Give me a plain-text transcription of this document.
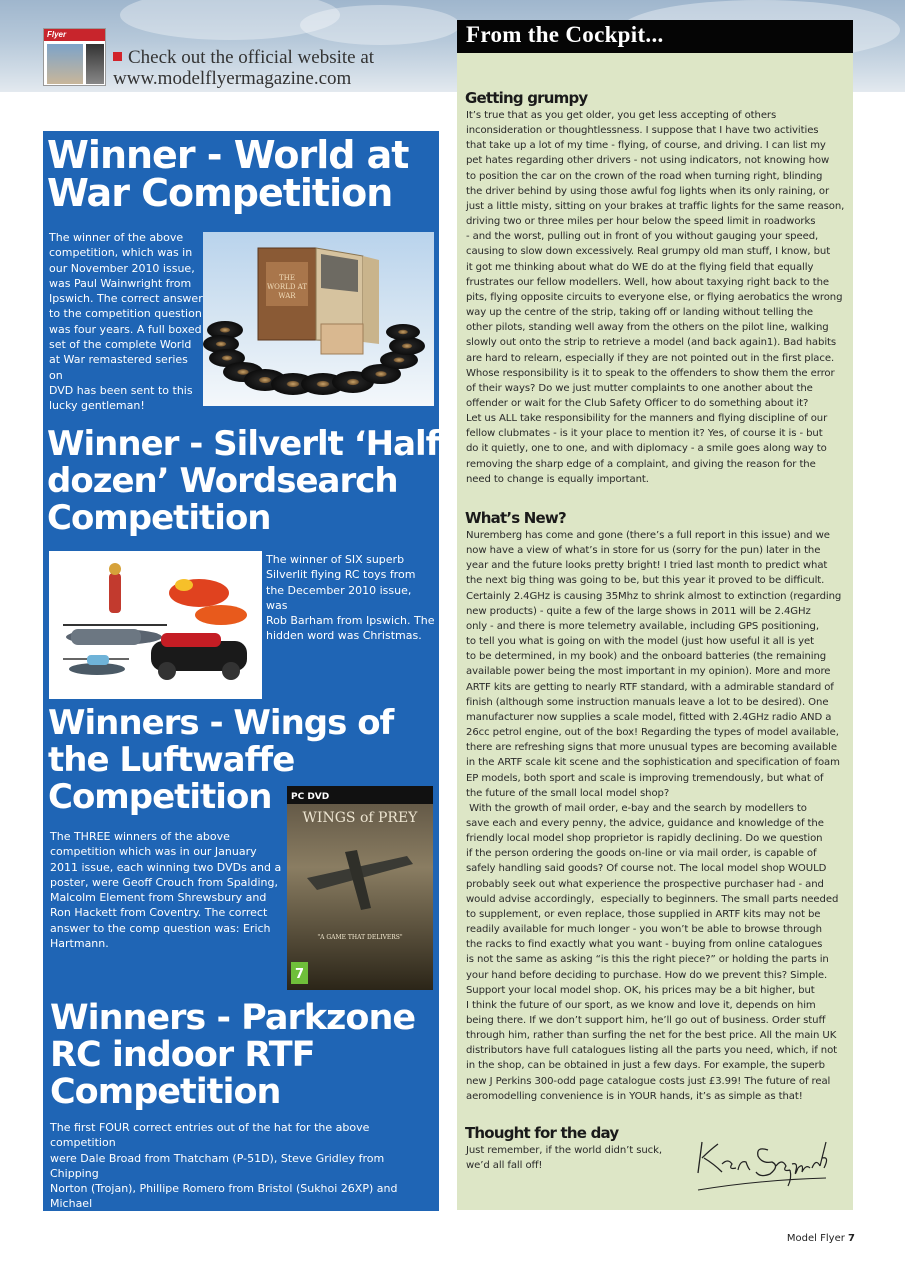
Flyer
Check out the official website at
www.modelflyermagazine.com
Winner - World at
War Competition
The winner of the above
competition, which was in
our November 2010 issue,
was Paul Wainwright from
Ipswich. The correct answer
to the competition question
was four years. A full boxed
set of the complete World
at War remastered series on
DVD has been sent to this
lucky gentleman!
THE
WORLD AT
WAR
Winner - Silverlt ‘Half
dozen’ Wordsearch
Competition
The winner of SIX superb
Silverlit flying RC toys from
the December 2010 issue, was
Rob Barham from Ipswich. The
hidden word was Christmas.
Winners - Wings of
the Luftwaffe
Competition
The THREE winners of the above
competition which was in our January
2011 issue, each winning two DVDs and a
poster, were Geoff Crouch from Spalding,
Malcolm Element from Shrewsbury and
Ron Hackett from Coventry. The correct
answer to the comp question was: Erich
Hartmann.
PC DVD
WINGS of PREY
"A GAME THAT DELIVERS"
7
Winners - Parkzone
RC indoor RTF
Competition
The first FOUR correct entries out of the hat for the above competition
were Dale Broad from Thatcham (P-51D), Steve Gridley from Chipping
Norton (Trojan), Phillipe Romero from Bristol (Sukhoi 26XP) and Michael
Hudlass from Chichester (Beast). The correct answer to the competition
question was 372mm.
From the Cockpit...
Getting grumpy
It’s true that as you get older, you get less accepting of others
inconsideration or thoughtlessness. I suppose that I have two activities
that take up a lot of my time - flying, of course, and driving. I can list my
pet hates regarding other drivers - not using indicators, not knowing how
to position the car on the crown of the road when turning right, blinding
the driver behind by using those awful fog lights when its only raining, or
just a little misty, sitting on your brakes at traffic lights for the same reason,
driving two or three miles per hour below the speed limit in roadworks
- and the worst, pulling out in front of you without gauging your speed,
causing to slow down excessively. Real grumpy old man stuff, I know, but
it got me thinking about what do WE do at the flying field that equally
frustrates our fellow modellers. Well, how about taxying right back to the
pits, flying opposite circuits to everyone else, or flying aerobatics the wrong
way up the centre of the strip, taking off or landing without telling the
other pilots, standing well away from the others on the pilot line, walking
slowly out onto the strip to retrieve a model (and back again1). Bad habits
are hard to relearn, especially if they are not pointed out in the first place.
Whose responsibility is it to speak to the offenders to show them the error
of their ways? Do we just mutter complaints to one another about the
offender or wait for the Club Safety Officer to do something about it?
Let us ALL take responsibility for the manners and flying discipline of our
fellow clubmates - is it your place to mention it? Yes, of course it is - but
do it quietly, one to one, and with diplomacy - a smile goes along way to
removing the sharp edge of a complaint, and giving the reason for the
need to change is equally important.
What’s New?
Nuremberg has come and gone (there’s a full report in this issue) and we
now have a view of what’s in store for us (sorry for the pun) later in the
year and the future looks pretty bright! I tried last month to predict what
the next big thing was going to be, but this year it proved to be difficult.
Certainly 2.4GHz is causing 35Mhz to shrink almost to extinction (regarding
new products) - quite a few of the large shows in 2011 will be 2.4GHz
only - and there is more telemetry available, including GPS positioning,
to tell you what is going on with the model (just how useful it all is yet
to be determined, in my book) and the onboard batteries (the remaining
available power being the most important in my opinion). More and more
ARTF kits are getting to nearly RTF standard, with a admirable standard of
finish (although some instruction manuals leave a lot to be desired). One
manufacturer now supplies a scale model, fitted with 2.4GHz radio AND a
26cc petrol engine, out of the box! Regarding the types of model available,
there are refreshing signs that more unusual types are becoming available
in the ARTF scale kit scene and the sophistication and specification of foam
EP models, both sport and scale is improving tremendously, but what of
the future of the small local model shop?
With the growth of mail order, e-bay and the search by modellers to
save each and every penny, the advice, guidance and knowledge of the
friendly local model shop proprietor is rapidly declining. Do we question
if the person ordering the goods on-line or via mail order, is capable of
safely handling said goods? Of course not. The local model shop WOULD
probably seek out what experience the prospective purchaser had - and
would advise accordingly,  especially to beginners. The small parts needed
to supplement, or even replace, those supplied in ARTF kits may not be
readily available for much longer - you won’t be able to browse through
the racks to find exactly what you want - buying from online catalogues
is not the same as asking “is this the right piece?” or holding the parts in
your hand before deciding to purchase. How do we prevent this? Simple.
Support your local model shop. OK, his prices may be a bit higher, but
I think the future of our sport, as we know and love it, depends on him
being there. If we don’t support him, he’ll go out of business. Order stuff
through him, rather than surfing the net for the best price. All the main UK
distributors have full catalogues listing all the parts you need, which, if not
in the shop, can be obtained in just a few days. For example, the superb
new J Perkins 300-odd page catalogue costs just £3.99! The future of real
aeromodelling convenience is in YOUR hands, it’s as simple as that!
Thought for the day
Just remember, if the world didn’t suck,
we’d all fall off!
Model Flyer 7
